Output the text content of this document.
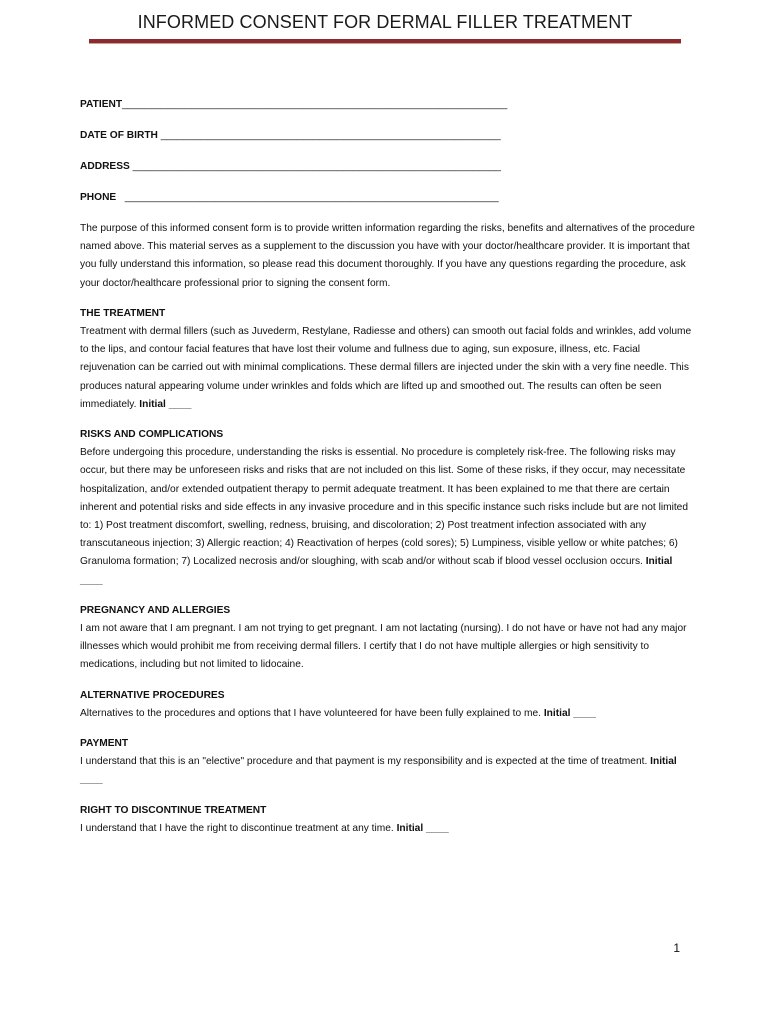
INFORMED CONSENT FOR DERMAL FILLER TREATMENT
PATIENT____________________________________________________________________
DATE OF BIRTH ____________________________________________________________
ADDRESS _________________________________________________________________
PHONE __________________________________________________________________

The purpose of this informed consent form is to provide written information regarding the risks, benefits and alternatives of the procedure named above. This material serves as a supplement to the discussion you have with your doctor/healthcare provider. It is important that you fully understand this information, so please read this document thoroughly. If you have any questions regarding the procedure, ask your doctor/healthcare professional prior to signing the consent form.

THE TREATMENT

Treatment with dermal fillers (such as Juvederm, Restylane, Radiesse and others) can smooth out facial folds and wrinkles, add volume to the lips, and contour facial features that have lost their volume and fullness due to aging, sun exposure, illness, etc. Facial rejuvenation can be carried out with minimal complications. These dermal fillers are injected under the skin with a very fine needle. This produces natural appearing volume under wrinkles and folds which are lifted up and smoothed out. The results can often be seen immediately. Initial ____

RISKS AND COMPLICATIONS

Before undergoing this procedure, understanding the risks is essential. No procedure is completely risk-free. The following risks may occur, but there may be unforeseen risks and risks that are not included on this list. Some of these risks, if they occur, may necessitate hospitalization, and/or extended outpatient therapy to permit adequate treatment. It has been explained to me that there are certain inherent and potential risks and side effects in any invasive procedure and in this specific instance such risks include but are not limited to: 1) Post treatment discomfort, swelling, redness, bruising, and discoloration; 2) Post treatment infection associated with any transcutaneous injection; 3) Allergic reaction; 4) Reactivation of herpes (cold sores); 5) Lumpiness, visible yellow or white patches; 6) Granuloma formation; 7) Localized necrosis and/or sloughing, with scab and/or without scab if blood vessel occlusion occurs. Initial ____

PREGNANCY AND ALLERGIES

I am not aware that I am pregnant. I am not trying to get pregnant. I am not lactating (nursing). I do not have or have not had any major illnesses which would prohibit me from receiving dermal fillers. I certify that I do not have multiple allergies or high sensitivity to medications, including but not limited to lidocaine.

ALTERNATIVE PROCEDURES

Alternatives to the procedures and options that I have volunteered for have been fully explained to me. Initial ____

PAYMENT

I understand that this is an "elective" procedure and that payment is my responsibility and is expected at the time of treatment. Initial ____

RIGHT TO DISCONTINUE TREATMENT

I understand that I have the right to discontinue treatment at any time. Initial ____

1
